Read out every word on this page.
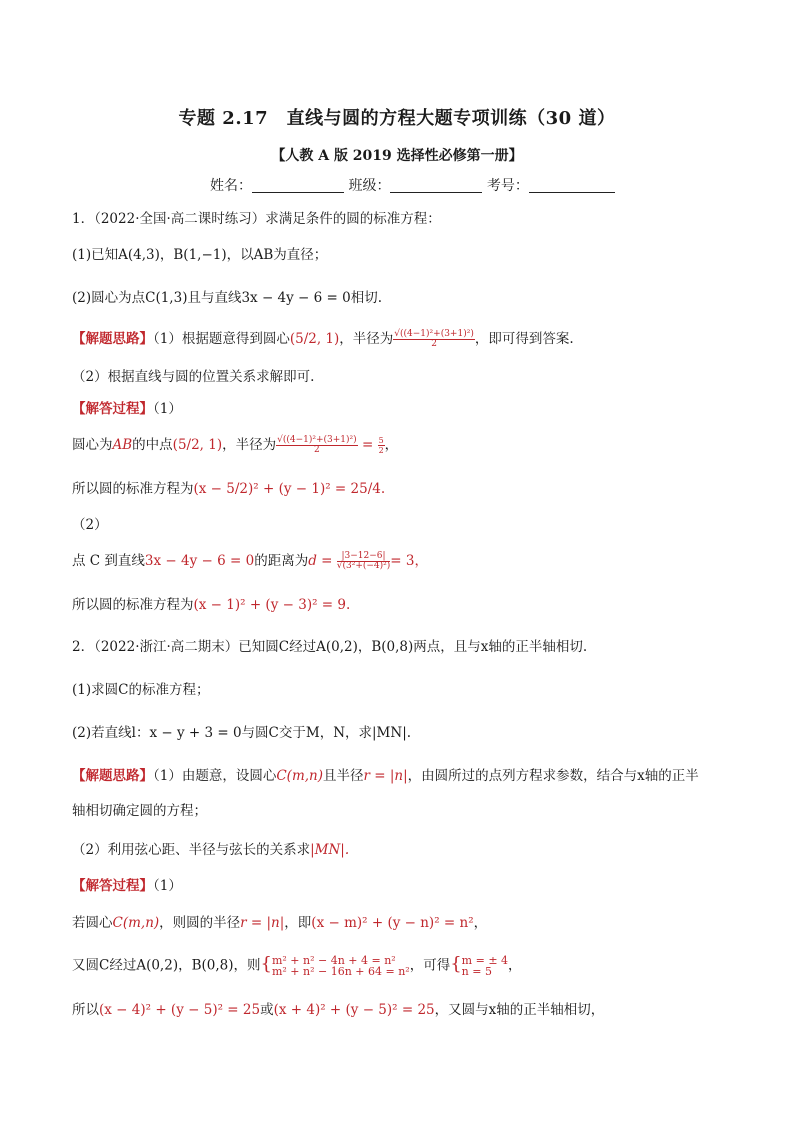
专题 2.17　直线与圆的方程大题专项训练（30 道）
【人教 A 版 2019 选择性必修第一册】
姓名：	班级：	考号：
1．（2022·全国·高二课时练习）求满足条件的圆的标准方程：
(1)已知A(4,3)，B(1,−1)，以AB为直径；
(2)圆心为点C(1,3)且与直线3x − 4y − 6 = 0相切.
【解题思路】（1）根据题意得到圆心(5/2, 1)，半径为 $\frac{\text{√((4−1)²+(3+1)²)}}{2}$ ，即可得到答案.
（2）根据直线与圆的位置关系求解即可.
【解答过程】（1）
圆心为AB的中点(5/2, 1)，半径为 $\frac{\text{√((4−1)²+(3+1)²)}}{2} = \frac{5}{2}$ ，
所以圆的标准方程为(x − 5/2)² + (y − 1)² = 25/4.
（2）
点 C 到直线3x − 4y − 6 = 0的距离为$d = \frac{|3-12-6|}{\text{√(3²+(−4)²)}} = 3$，
所以圆的标准方程为(x − 1)² + (y − 3)² = 9.
2．（2022·浙江·高二期末）已知圆C经过A(0,2)，B(0,8)两点，且与x轴的正半轴相切.
(1)求圆C的标准方程；
(2)若直线l：x − y + 3 = 0与圆C交于M，N，求|MN|.
【解题思路】（1）由题意，设圆心C(m,n)且半径r = |n|，由圆所过的点列方程求参数，结合与x轴的正半
轴相切确定圆的方程；
（2）利用弦心距、半径与弦长的关系求|MN|.
【解答过程】（1）
若圆心C(m,n)，则圆的半径r = |n|，即(x − m)² + (y − n)² = n²，
又圆C经过A(0,2)，B(0,8)，则{ m² + n² − 4n + 4 = n²
m² + n² − 16n + 64 = n² ，可得{ m = ± 4
n = 5	，
所以(x − 4)² + (y − 5)² = 25或(x + 4)² + (y − 5)² = 25，又圆与x轴的正半轴相切，
